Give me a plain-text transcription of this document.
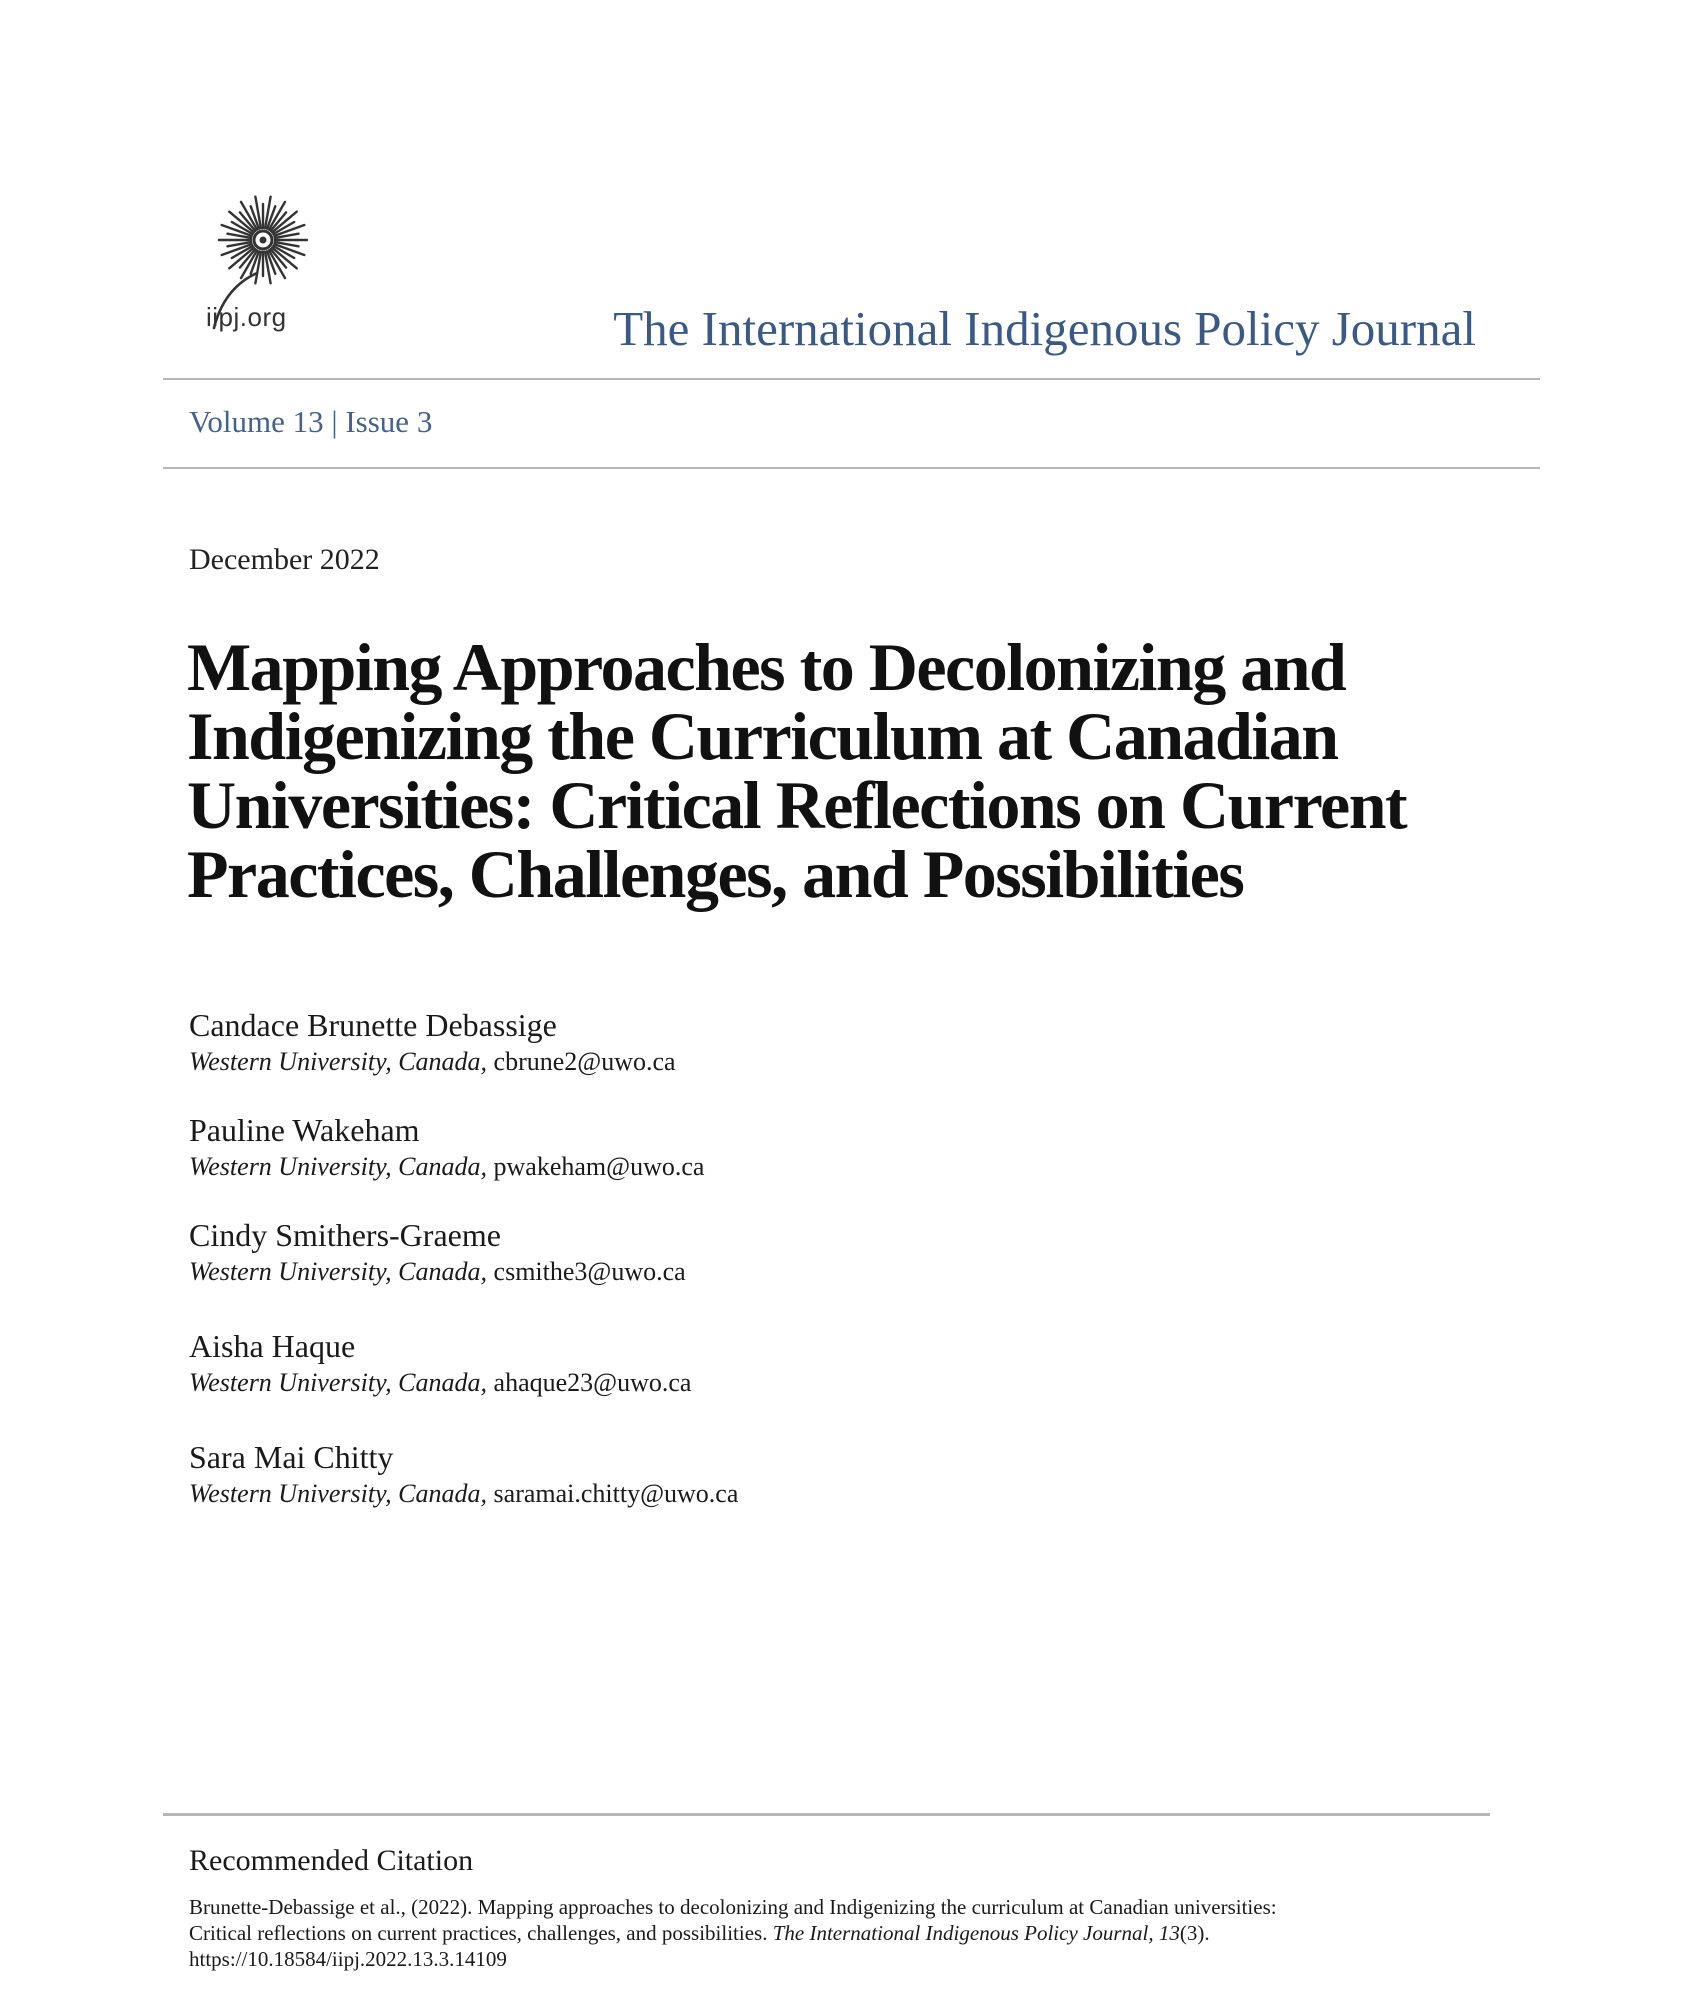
iipj.org	The International Indigenous Policy Journal
Volume 13 | Issue 3
December 2022
Mapping Approaches to Decolonizing and
Indigenizing the Curriculum at Canadian
Universities: Critical Reflections on Current
Practices, Challenges, and Possibilities
Candace Brunette Debassige
Western University, Canada, cbrune2@uwo.ca
Pauline Wakeham
Western University, Canada, pwakeham@uwo.ca
Cindy Smithers-Graeme
Western University, Canada, csmithe3@uwo.ca
Aisha Haque
Western University, Canada, ahaque23@uwo.ca
Sara Mai Chitty
Western University, Canada, saramai.chitty@uwo.ca
Recommended Citation
Brunette-Debassige et al., (2022). Mapping approaches to decolonizing and Indigenizing the curriculum at Canadian universities:
Critical reflections on current practices, challenges, and possibilities. The International Indigenous Policy Journal, 13(3).
https://10.18584/iipj.2022.13.3.14109
